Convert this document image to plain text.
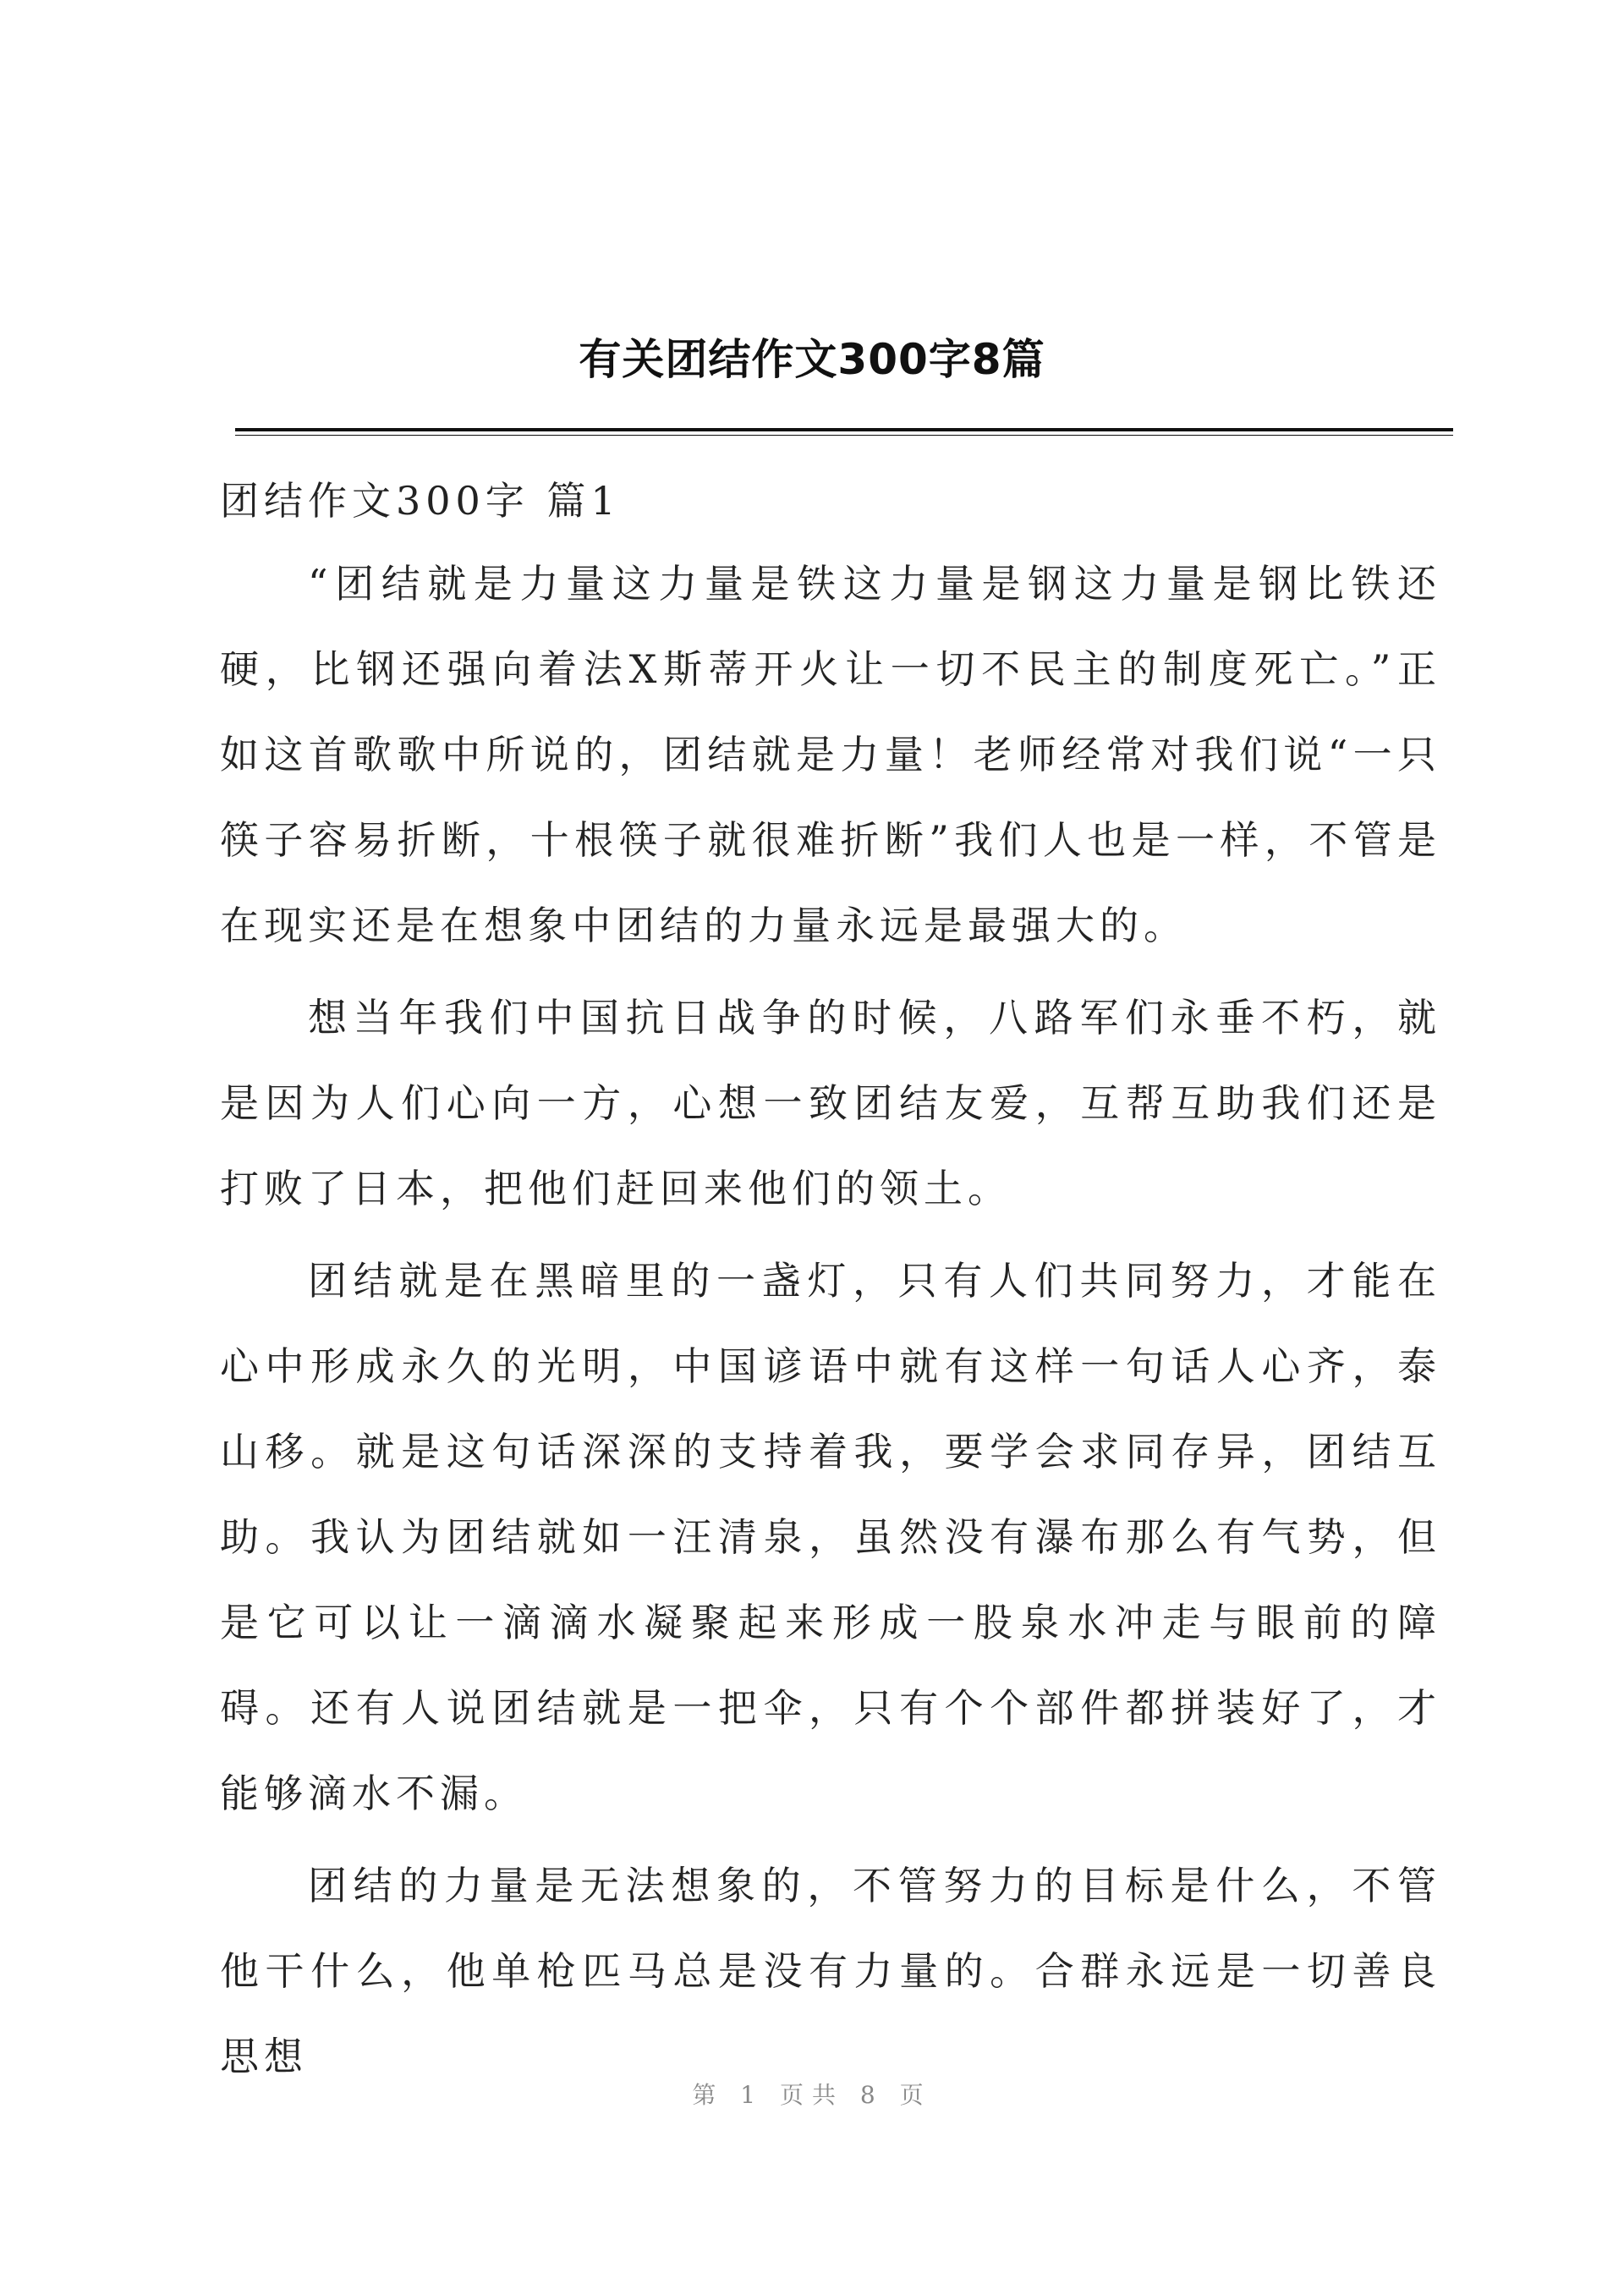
有关团结作文300字8篇
团结作文300字 篇1

“团结就是力量这力量是铁这力量是钢这力量是钢比铁还硬，比钢还强向着法X斯蒂开火让一切不民主的制度死亡。”正如这首歌歌中所说的，团结就是力量！老师经常对我们说“一只筷子容易折断，十根筷子就很难折断”我们人也是一样，不管是在现实还是在想象中团结的力量永远是最强大的。

想当年我们中国抗日战争的时候，八路军们永垂不朽，就是因为人们心向一方，心想一致团结友爱，互帮互助我们还是打败了日本，把他们赶回来他们的领土。

团结就是在黑暗里的一盏灯，只有人们共同努力，才能在心中形成永久的光明，中国谚语中就有这样一句话人心齐，泰山移。就是这句话深深的支持着我，要学会求同存异，团结互助。我认为团结就如一汪清泉，虽然没有瀑布那么有气势，但是它可以让一滴滴水凝聚起来形成一股泉水冲走与眼前的障碍。还有人说团结就是一把伞，只有个个部件都拼装好了，才能够滴水不漏。

团结的力量是无法想象的，不管努力的目标是什么，不管他干什么，他单枪匹马总是没有力量的。合群永远是一切善良思想

第 1 页共 8 页
